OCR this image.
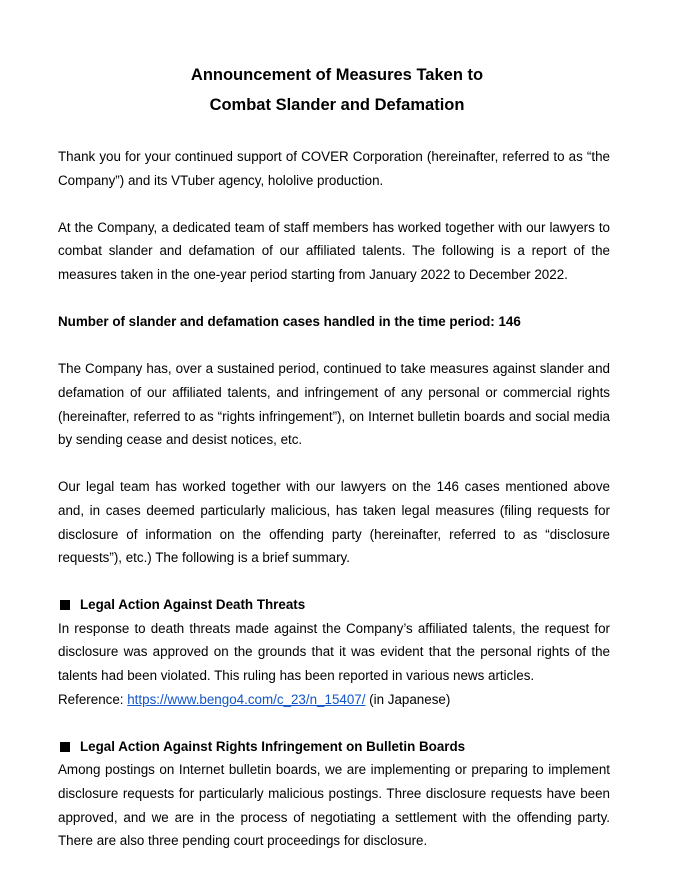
Announcement of Measures Taken to
Combat Slander and Defamation

Thank you for your continued support of COVER Corporation (hereinafter, referred to as “the Company”) and its VTuber agency, hololive production.

At the Company, a dedicated team of staff members has worked together with our lawyers to combat slander and defamation of our affiliated talents. The following is a report of the measures taken in the one-year period starting from January 2022 to December 2022.

Number of slander and defamation cases handled in the time period: 146

The Company has, over a sustained period, continued to take measures against slander and defamation of our affiliated talents, and infringement of any personal or commercial rights (hereinafter, referred to as “rights infringement”), on Internet bulletin boards and social media by sending cease and desist notices, etc.

Our legal team has worked together with our lawyers on the 146 cases mentioned above and, in cases deemed particularly malicious, has taken legal measures (filing requests for disclosure of information on the offending party (hereinafter, referred to as “disclosure requests”), etc.) The following is a brief summary.

Legal Action Against Death Threats
In response to death threats made against the Company’s affiliated talents, the request for disclosure was approved on the grounds that it was evident that the personal rights of the talents had been violated. This ruling has been reported in various news articles.
Reference: https://www.bengo4.com/c_23/n_15407/ (in Japanese)
Legal Action Against Rights Infringement on Bulletin Boards
Among postings on Internet bulletin boards, we are implementing or preparing to implement disclosure requests for particularly malicious postings. Three disclosure requests have been approved, and we are in the process of negotiating a settlement with the offending party. There are also three pending court proceedings for disclosure.
